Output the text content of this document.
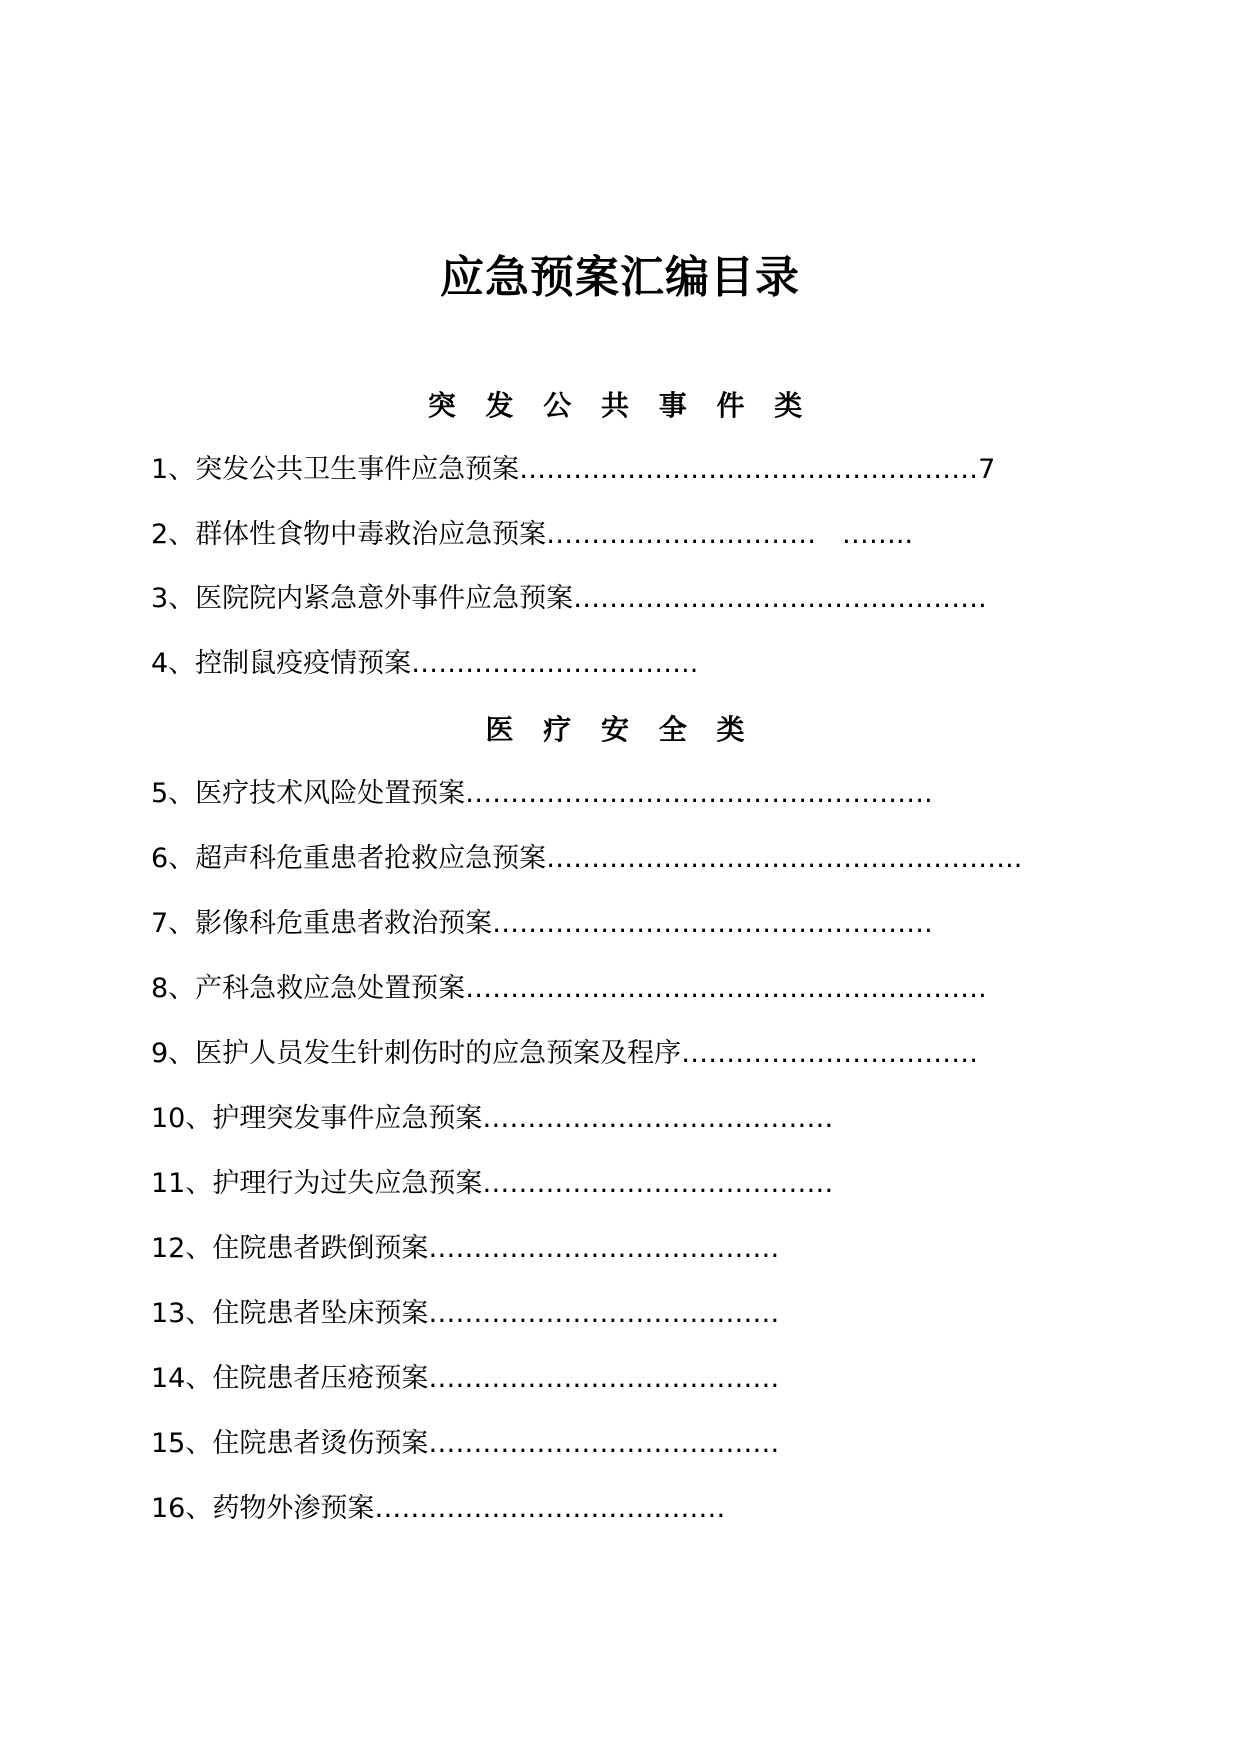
应急预案汇编目录
突 发 公 共 事 件 类
1、突发公共卫生事件应急预案……………………………………………7
2、群体性食物中毒救治应急预案…………………………   ……..
3、医院院内紧急意外事件应急预案……………………………………….
4、控制鼠疫疫情预案…………………………..
医 疗 安 全 类
5、医疗技术风险处置预案…………………………………………….
6、超声科危重患者抢救应急预案……………………………………………..
7、影像科危重患者救治预案………………………………………….
8、产科急救应急处置预案………………………………………………….
9、医护人员发生针刺伤时的应急预案及程序……………………………
10、护理突发事件应急预案…………………………………
11、护理行为过失应急预案…………………………………
12、住院患者跌倒预案…………………………………
13、住院患者坠床预案…………………………………
14、住院患者压疮预案…………………………………
15、住院患者烫伤预案…………………………………
16、药物外渗预案…………………………………
